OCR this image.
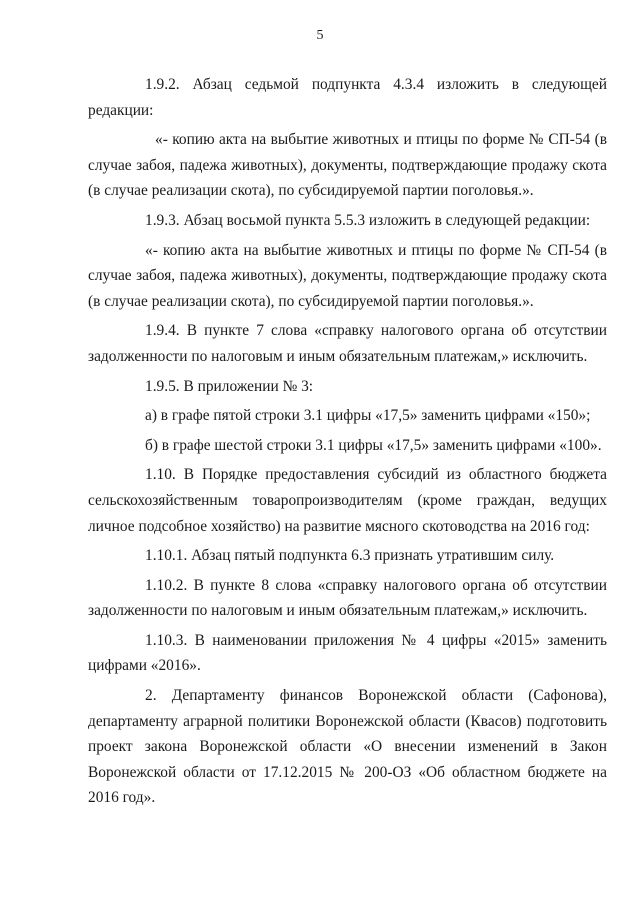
5

1.9.2. Абзац седьмой подпункта 4.3.4 изложить в следующей редакции:

«- копию акта на выбытие животных и птицы по форме № СП-54 (в случае забоя, падежа животных), документы, подтверждающие продажу скота (в случае реализации скота), по субсидируемой партии поголовья.».

1.9.3. Абзац восьмой пункта 5.5.3 изложить в следующей редакции:

«- копию акта на выбытие животных и птицы по форме № СП-54 (в случае забоя, падежа животных), документы, подтверждающие продажу скота (в случае реализации скота), по субсидируемой партии поголовья.».

1.9.4. В пункте 7 слова «справку налогового органа об отсутствии задолженности по налоговым и иным обязательным платежам,» исключить.

1.9.5. В приложении № 3:

а) в графе пятой строки 3.1 цифры «17,5» заменить цифрами «150»;

б) в графе шестой строки 3.1 цифры «17,5» заменить цифрами «100».

1.10. В Порядке предоставления субсидий из областного бюджета сельскохозяйственным товаропроизводителям (кроме граждан, ведущих личное подсобное хозяйство) на развитие мясного скотоводства на 2016 год:

1.10.1. Абзац пятый подпункта 6.3 признать утратившим силу.

1.10.2. В пункте 8 слова «справку налогового органа об отсутствии задолженности по налоговым и иным обязательным платежам,» исключить.

1.10.3. В наименовании приложения № 4 цифры «2015» заменить цифрами «2016».

2. Департаменту финансов Воронежской области (Сафонова), департаменту аграрной политики Воронежской области (Квасов) подготовить проект закона Воронежской области «О внесении изменений в Закон Воронежской области от 17.12.2015 № 200-ОЗ «Об областном бюджете на 2016 год».
